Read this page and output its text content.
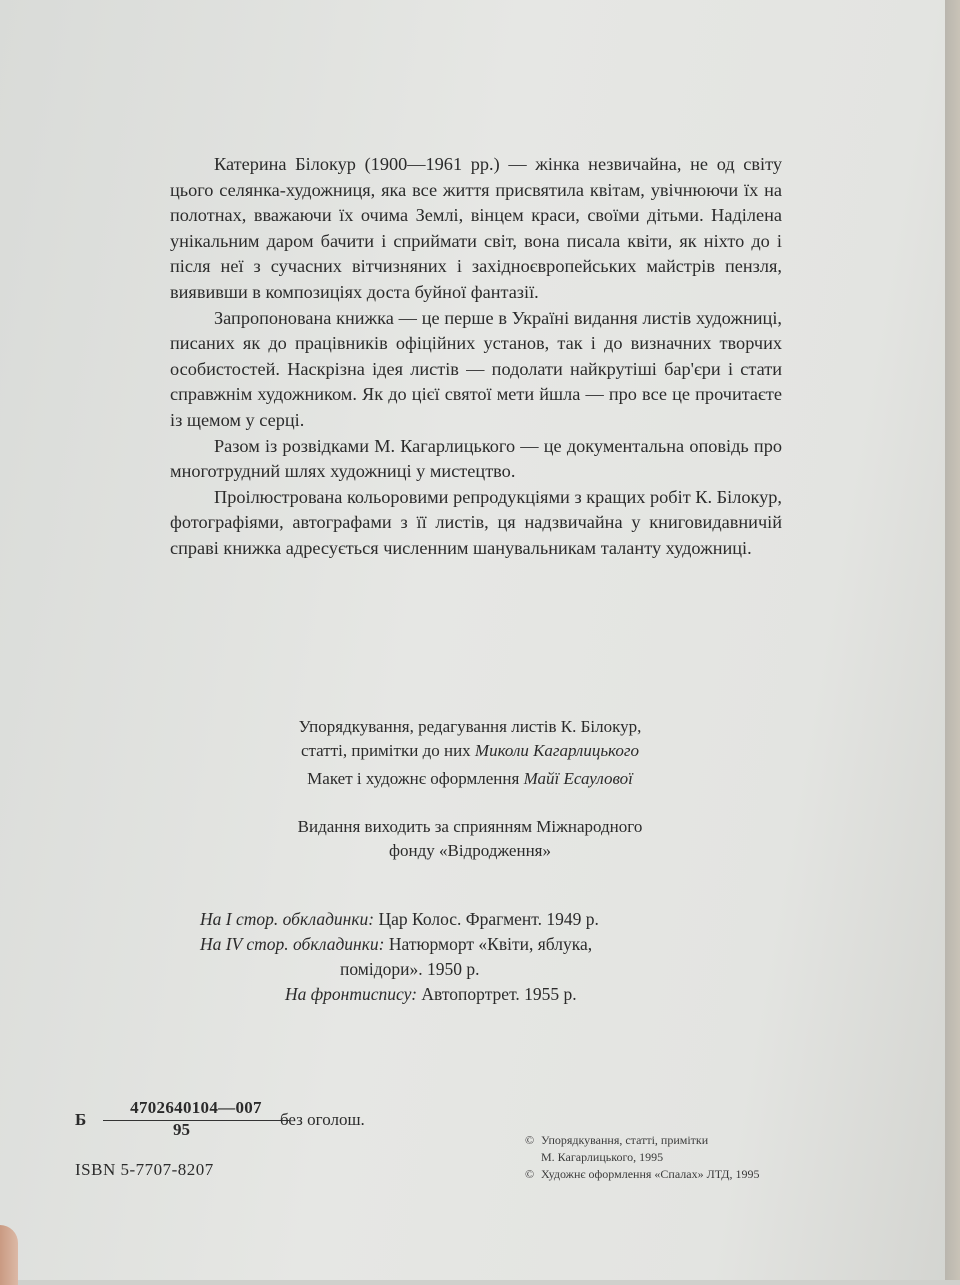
Катерина Білокур (1900—1961 рр.) — жінка незвичайна, не од світу цього селянка-художниця, яка все життя присвятила квітам, увічнюючи їх на полотнах, вважаючи їх очима Землі, вінцем краси, своїми дітьми. Наділена унікальним даром бачити і сприймати світ, вона писала квіти, як ніхто до і після неї з сучасних вітчизняних і західноєвропейських майстрів пензля, виявивши в композиціях доста буйної фантазії.

Запропонована книжка — це перше в Україні видання листів художниці, писаних як до працівників офіційних установ, так і до визначних творчих особистостей. Наскрізна ідея листів — подолати найкрутіші бар'єри і стати справжнім художником. Як до цієї святої мети йшла — про все це прочитаєте із щемом у серці.

Разом із розвідками М. Кагарлицького — це документальна оповідь про многотрудний шлях художниці у мистецтво.

Проілюстрована кольоровими репродукціями з кращих робіт К. Білокур, фотографіями, автографами з її листів, ця надзвичайна у книговидавничій справі книжка адресується численним шанувальникам таланту художниці.

Упорядкування, редагування листів К. Білокур,
статті, примітки до них Миколи Кагарлицького
Макет і художнє оформлення Майї Есаулової
Видання виходить за сприянням Міжнародного
фонду «Відродження»
На І стор. обкладинки: Цар Колос. Фрагмент. 1949 р.
На IV стор. обкладинки: Натюрморт «Квіти, яблука,
помідори». 1950 р.
На фронтиспису: Автопортрет. 1955 р.
Б
4702640104—007
95
без оголош.
ISBN 5-7707-8207
© Упорядкування, статті, примітки
М. Кагарлицького, 1995
© Художнє оформлення «Спалах» ЛТД, 1995
